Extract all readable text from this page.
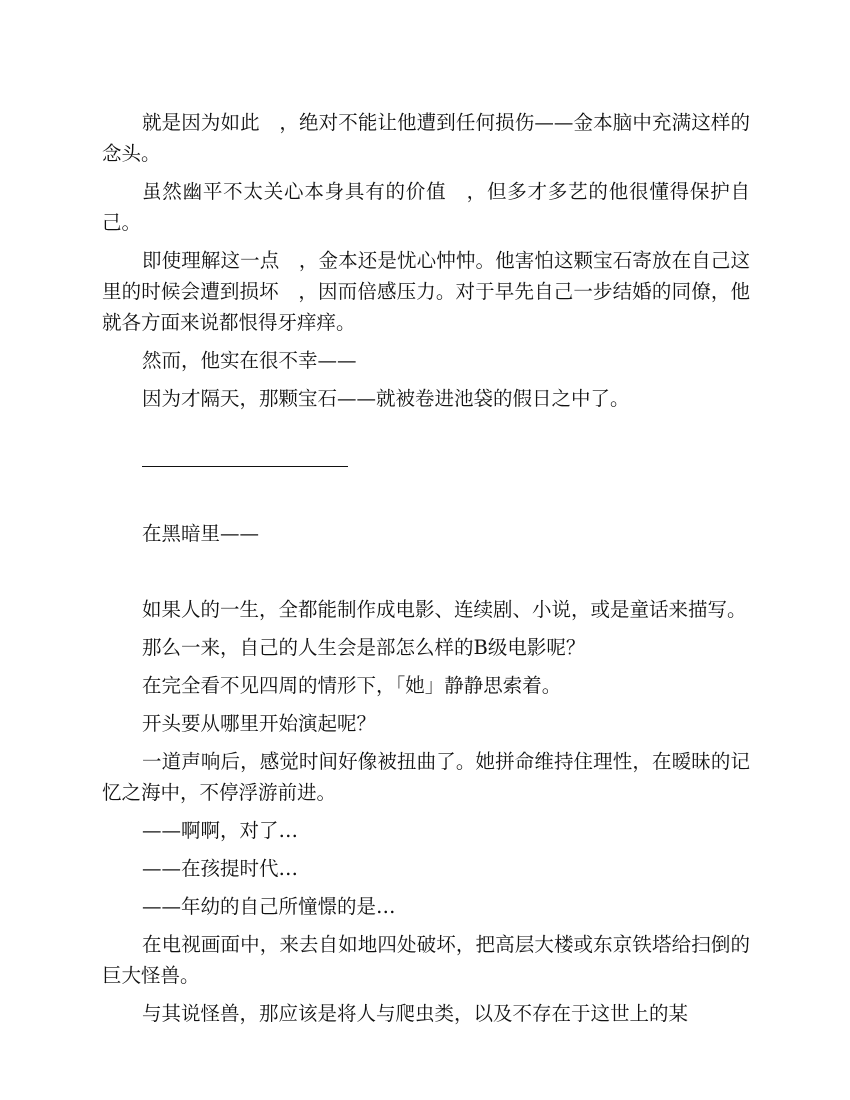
就是因为如此　，绝对不能让他遭到任何损伤——金本脑中充满这样的念头。

虽然幽平不太关心本身具有的价值　，但多才多艺的他很懂得保护自己。

即使理解这一点　，金本还是忧心忡忡。他害怕这颗宝石寄放在自己这里的时候会遭到损坏　，因而倍感压力。对于早先自己一步结婚的同僚，他就各方面来说都恨得牙痒痒。

然而，他实在很不幸——

因为才隔天，那颗宝石——就被卷进池袋的假日之中了。

在黑暗里——

如果人的一生，全都能制作成电影、连续剧、小说，或是童话来描写。

那么一来，自己的人生会是部怎么样的B级电影呢？

在完全看不见四周的情形下，「她」静静思索着。

开头要从哪里开始演起呢？

一道声响后，感觉时间好像被扭曲了。她拼命维持住理性，在暧昧的记忆之海中，不停浮游前进。

——啊啊，对了…

——在孩提时代…

——年幼的自己所憧憬的是…

在电视画面中，来去自如地四处破坏，把高层大楼或东京铁塔给扫倒的巨大怪兽。

与其说怪兽，那应该是将人与爬虫类，以及不存在于这世上的某
